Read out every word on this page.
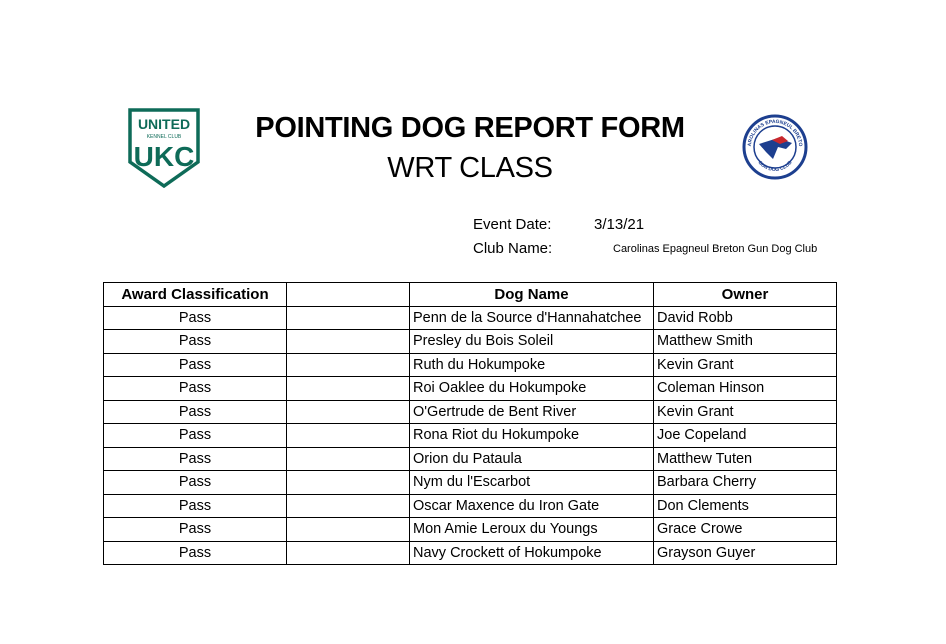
UNITED
KENNEL CLUB
UKC	AROLINAS EPAGNEUL BRETO
GUN DOG CLUB
POINTING DOG REPORT FORM
WRT CLASS
Event Date:	3/13/21
Club Name:	Carolinas Epagneul Breton Gun Dog Club
Award Classification		Dog Name	Owner
Pass		Penn de la Source d'Hannahatchee	David Robb
Pass		Presley du Bois Soleil	Matthew Smith
Pass		Ruth du Hokumpoke	Kevin Grant
Pass		Roi Oaklee du Hokumpoke	Coleman Hinson
Pass		O'Gertrude de Bent River	Kevin Grant
Pass		Rona Riot du Hokumpoke	Joe Copeland
Pass		Orion du Pataula	Matthew Tuten
Pass		Nym du l'Escarbot	Barbara Cherry
Pass		Oscar Maxence du Iron Gate	Don Clements
Pass		Mon Amie Leroux du Youngs	Grace Crowe
Pass		Navy Crockett of Hokumpoke	Grayson Guyer
